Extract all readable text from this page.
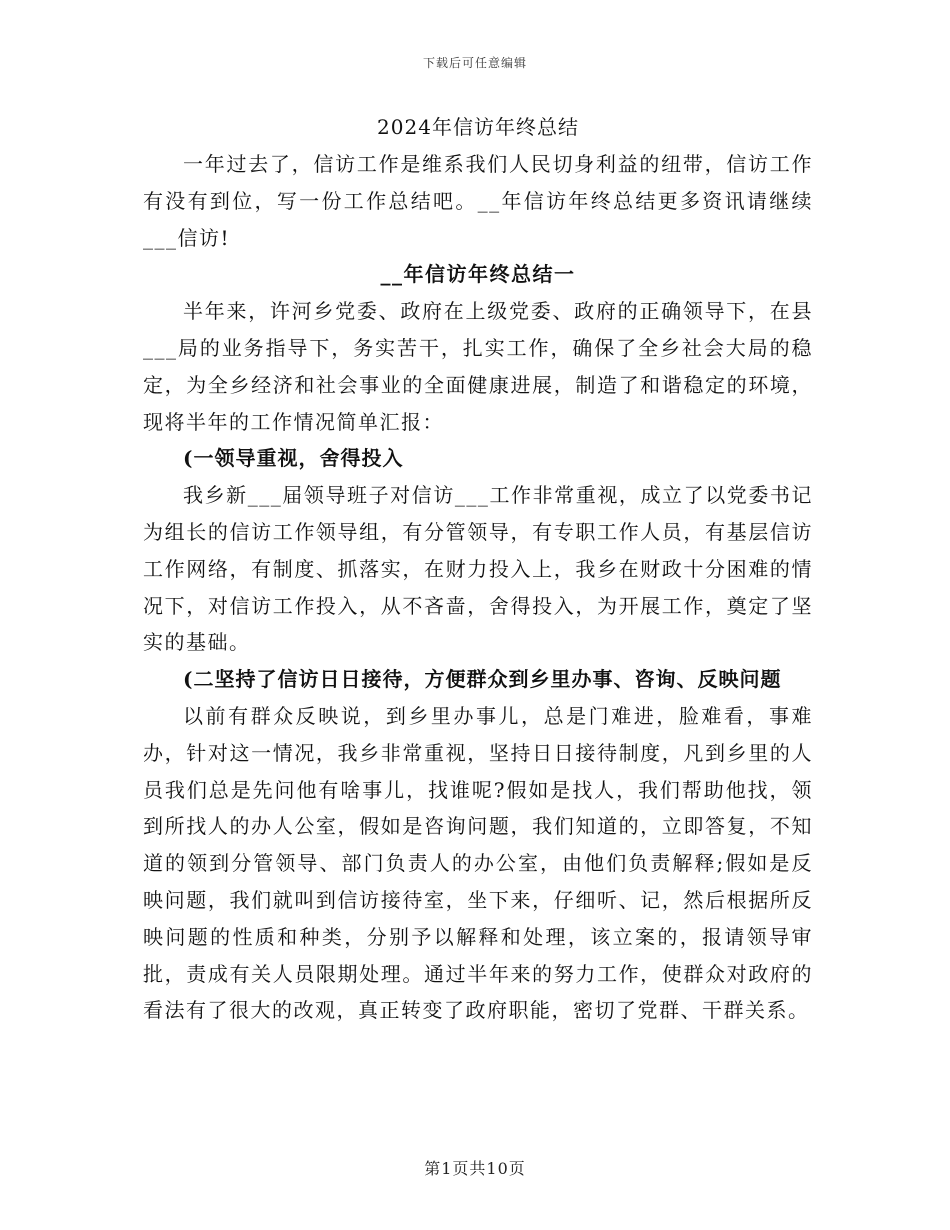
下载后可任意编辑
2024年信访年终总结

一年过去了，信访工作是维系我们人民切身利益的纽带，信访工作有没有到位，写一份工作总结吧。__年信访年终总结更多资讯请继续___信访!

__年信访年终总结一

半年来，许河乡党委、政府在上级党委、政府的正确领导下，在县___局的业务指导下，务实苦干，扎实工作，确保了全乡社会大局的稳定，为全乡经济和社会事业的全面健康进展，制造了和谐稳定的环境，现将半年的工作情况简单汇报：

(一领导重视，舍得投入

我乡新___届领导班子对信访___工作非常重视，成立了以党委书记为组长的信访工作领导组，有分管领导，有专职工作人员，有基层信访工作网络，有制度、抓落实，在财力投入上，我乡在财政十分困难的情况下，对信访工作投入，从不吝啬，舍得投入，为开展工作，奠定了坚实的基础。

(二坚持了信访日日接待，方便群众到乡里办事、咨询、反映问题

以前有群众反映说，到乡里办事儿，总是门难进，脸难看，事难办，针对这一情况，我乡非常重视，坚持日日接待制度，凡到乡里的人员我们总是先问他有啥事儿，找谁呢?假如是找人，我们帮助他找，领到所找人的办人公室，假如是咨询问题，我们知道的，立即答复，不知道的领到分管领导、部门负责人的办公室，由他们负责解释;假如是反映问题，我们就叫到信访接待室，坐下来，仔细听、记，然后根据所反映问题的性质和种类，分别予以解释和处理，该立案的，报请领导审批，责成有关人员限期处理。通过半年来的努力工作，使群众对政府的看法有了很大的改观，真正转变了政府职能，密切了党群、干群关系。

第1页共10页
